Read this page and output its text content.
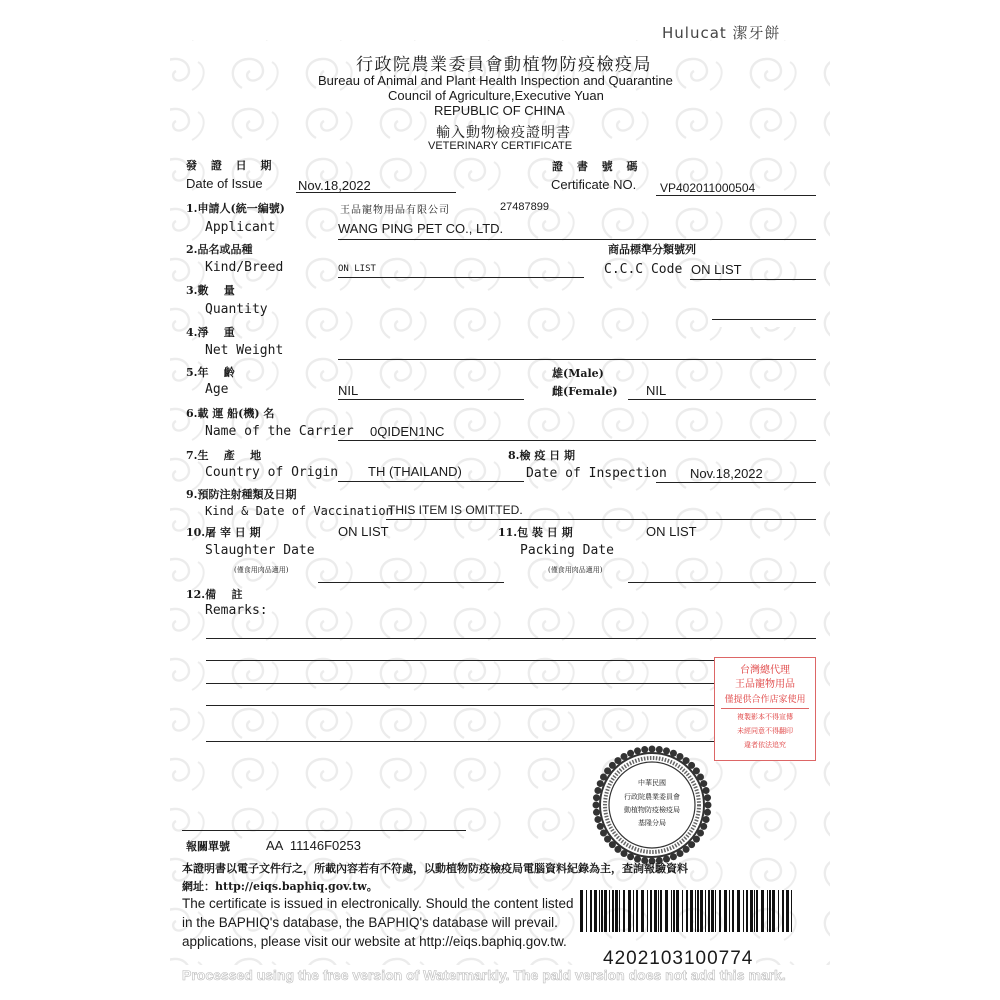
Hulucat 潔牙餅
行政院農業委員會動植物防疫檢疫局
Bureau of Animal and Plant Health Inspection and Quarantine
Council of Agriculture,Executive Yuan
REPUBLIC OF CHINA
輸入動物檢疫證明書
VETERINARY CERTIFICATE
發 證 日 期
Date of Issue	Nov.18,2022
證 書 號 碼
Certificate NO. VP402011000504
1.申請人(統一編號)
Applicant
王品寵物用品有限公司	27487899
WANG PING PET CO., LTD.
2.品名或品種
Kind/Breed	ON LIST
商品標準分類號列
C.C.C Code ON LIST
3.數    量
Quantity
4.淨    重
Net Weight
5.年    齡
Age	NIL
雄(Male)
雌(Female) NIL
6.載 運 船(機) 名
Name of the Carrier 0QIDEN1NC
7.生    產    地
Country of Origin TH (THAILAND)
8.檢 疫 日 期
Date of Inspection Nov.18,2022
9.預防注射種類及日期
Kind & Date of Vaccination
THIS ITEM IS OMITTED.
10.屠 宰 日 期	ON LIST
Slaughter Date
(僅食用肉品適用)
11.包 裝 日 期	ON LIST
Packing Date
(僅食用肉品適用)
12.備    註
Remarks:
台灣總代理
王品寵物用品
僅提供合作店家使用
複製影本不得宣傳
未經同意不得翻印
違者依法追究
中華民國
行政院農業委員會
動植物防疫檢疫局
基隆分局
報關單號	AA  11146F0253
本證明書以電子文件行之，所載內容若有不符處，以動植物防疫檢疫局電腦資料紀錄為主，查詢報驗資料
網址：http://eiqs.baphiq.gov.tw。
The certificate is issued in electronically. Should the content listed
in the BAPHIQ's database, the BAPHIQ's database will prevail.
applications, please visit our website at http://eiqs.baphiq.gov.tw.
4202103100774
Processed using the free version of Watermarkly. The paid version does not add this mark.
